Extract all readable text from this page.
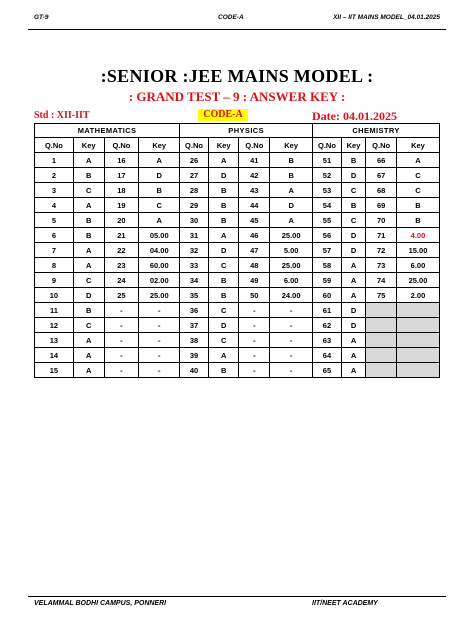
GT-9	CODE-A	XII – IIT MAINS MODEL_04.01.2025
:SENIOR :JEE MAINS MODEL :
: GRAND TEST – 9 : ANSWER KEY :
Std : XII-IIT	CODE-A	Date: 04.01.2025
MATHEMATICS				PHYSICS				CHEMISTRY			
Q.No	Key	Q.No	Key	Q.No	Key	Q.No	Key	Q.No	Key	Q.No	Key
1	A	16	A	26	A	41	B	51	B	66	A
2	B	17	D	27	D	42	B	52	D	67	C
3	C	18	B	28	B	43	A	53	C	68	C
4	A	19	C	29	B	44	D	54	B	69	B
5	B	20	A	30	B	45	A	55	C	70	B
6	B	21	05.00	31	A	46	25.00	56	D	71	4.00
7	A	22	04.00	32	D	47	5.00	57	D	72	15.00
8	A	23	60.00	33	C	48	25.00	58	A	73	6.00
9	C	24	02.00	34	B	49	6.00	59	A	74	25.00
10	D	25	25.00	35	B	50	24.00	60	A	75	2.00
11	B	-	-	36	C	-	-	61	D		
12	C	-	-	37	D	-	-	62	D		
13	A	-	-	38	C	-	-	63	A		
14	A	-	-	39	A	-	-	64	A		
15	A	-	-	40	B	-	-	65	A		
VELAMMAL BODHI CAMPUS, PONNERI	IIT/NEET ACADEMY
